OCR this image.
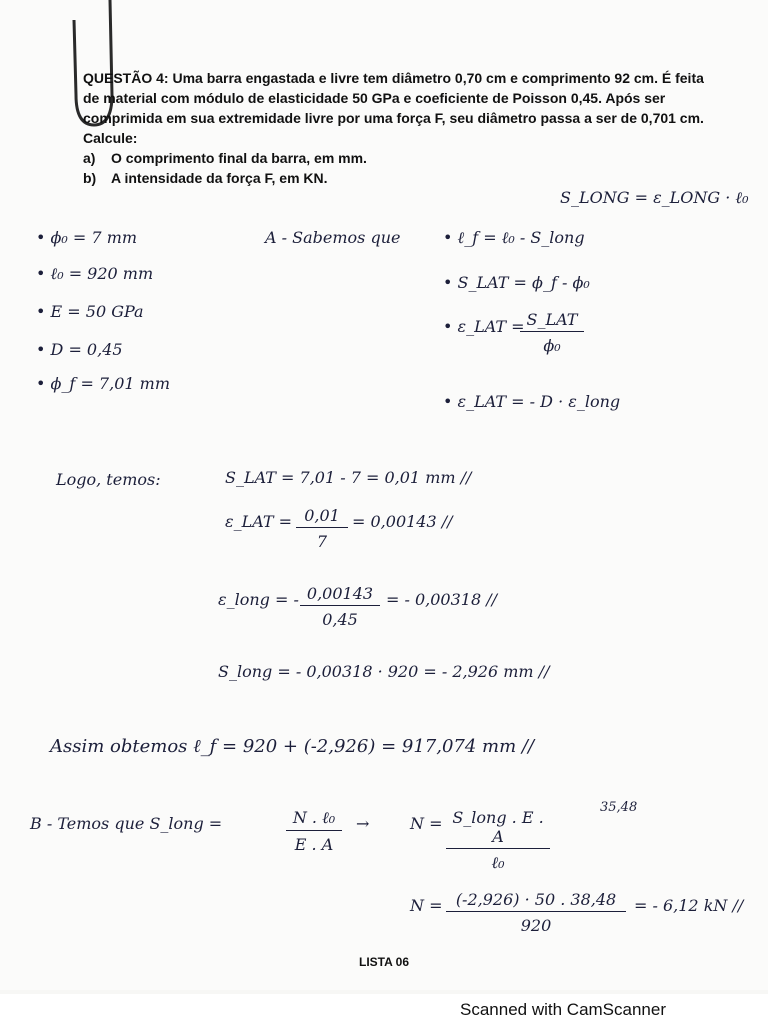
QUESTÃO 4: Uma barra engastada e livre tem diâmetro 0,70 cm e comprimento 92 cm. É feita

de material com módulo de elasticidade 50 GPa e coeficiente de Poisson 0,45. Após ser

comprimida em sua extremidade livre por uma força F, seu diâmetro passa a ser de 0,701 cm.

Calcule:

a)	O comprimento final da barra, em mm.
b)	A intensidade da força F, em KN.
• ϕ₀ = 7 mm
• ℓ₀ = 920 mm
• E = 50 GPa
• D = 0,45
• ϕ_f = 7,01 mm
S_LONG = ε_LONG · ℓ₀
A - Sabemos que	• ℓ_f = ℓ₀ - S_long
• S_LAT = ϕ_f - ϕ₀
• ε_LAT = S_LAT
ϕ₀
• ε_LAT = - D · ε_long
Logo, temos:	S_LAT = 7,01 - 7 = 0,01 mm //
ε_LAT = $\frac{0,01}{7} = 0,00143$ //
ε_long = - $\frac{0,00143}{0,45}$ = - 0,00318 //
S_long = - 0,00318 · 920 = - 2,926 mm //
Assim obtemos ℓ_f = 920 + (-2,926) = 917,074 mm //
B - Temos que S_long =	N . ℓ₀
E . A
→	N = S_long . E . A
ℓ₀
35,48
$N = \frac{(-2,926) \cdot 50 . 38,48}{920}$ = - 6,12 kN //
LISTA 06
Scanned with CamScanner
